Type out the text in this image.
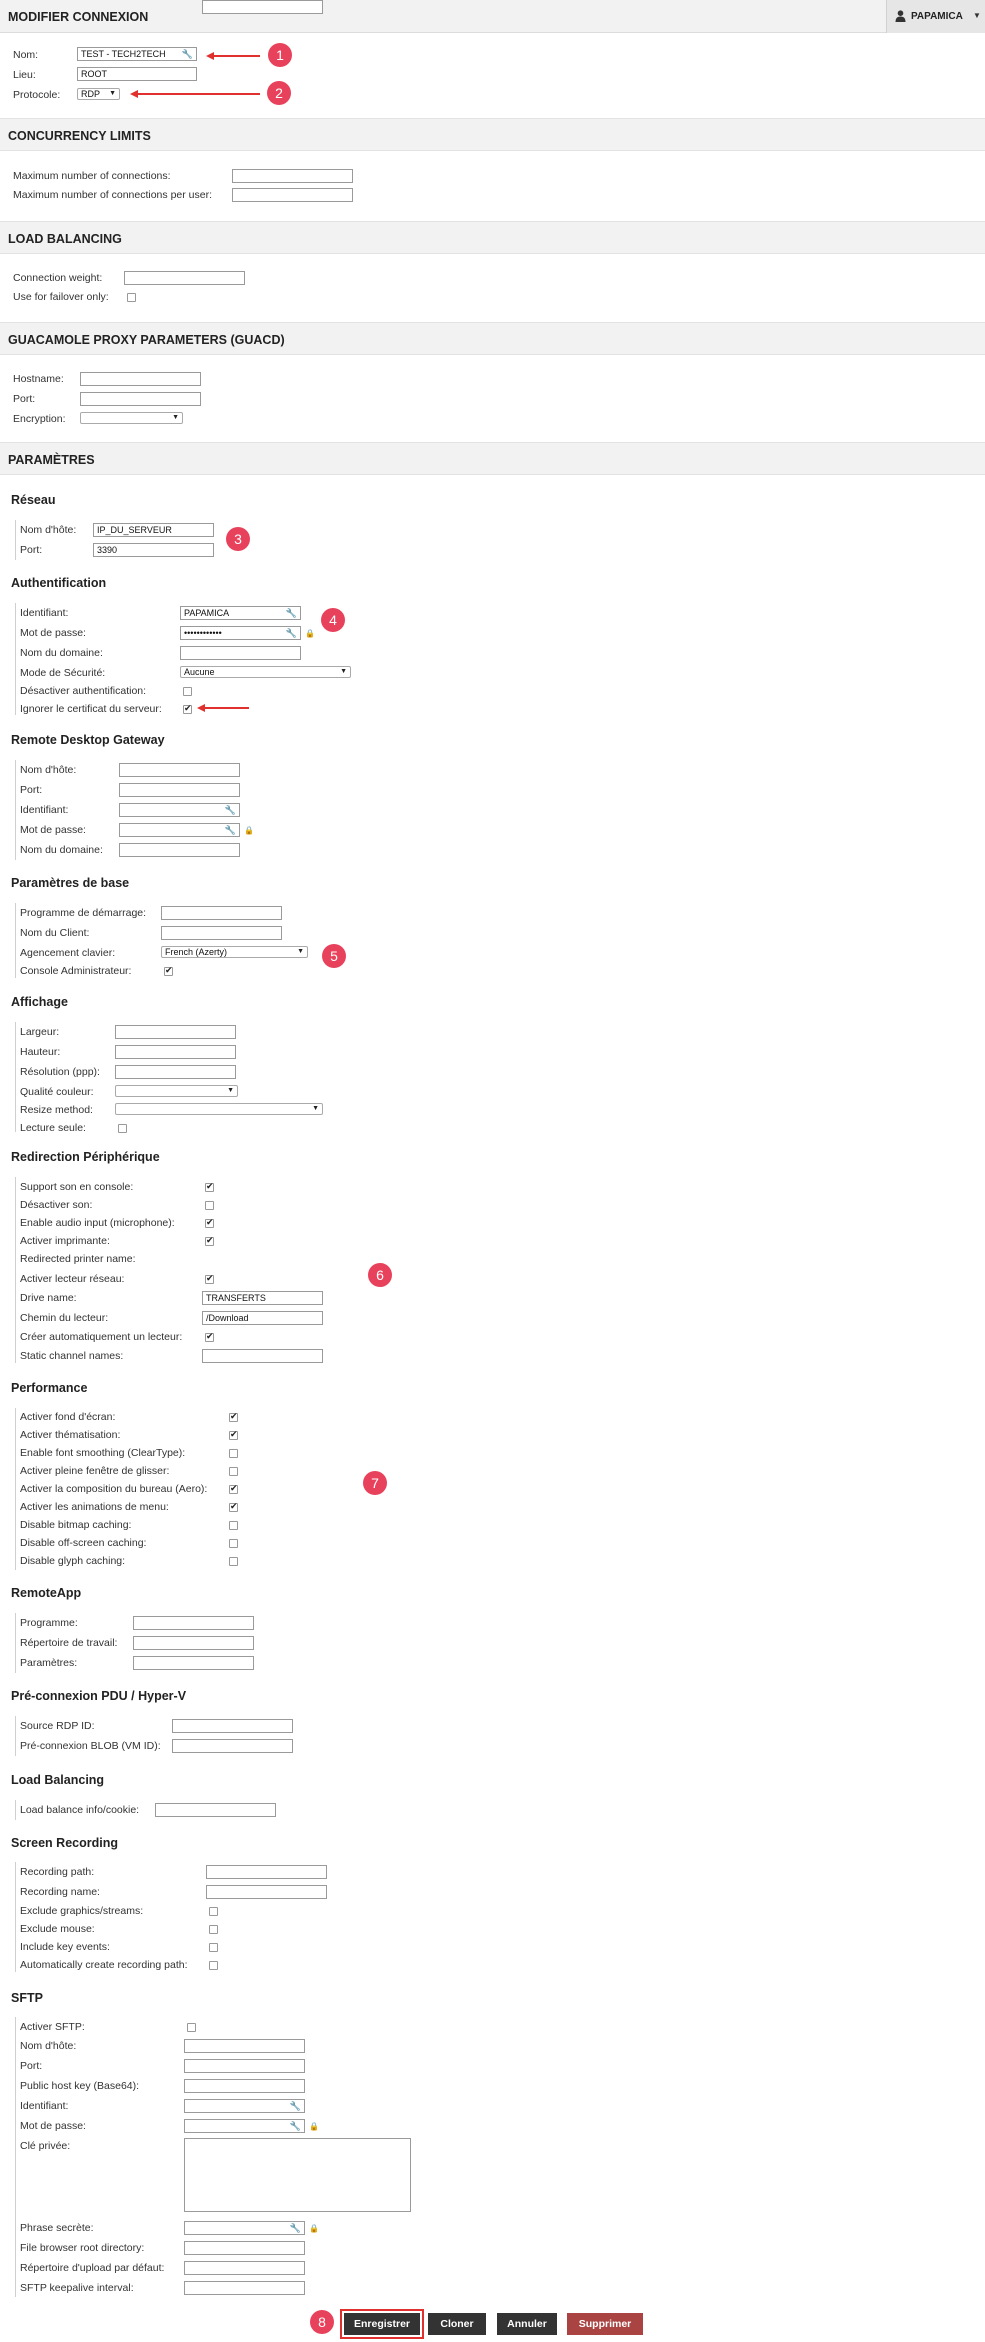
MODIFIER CONNEXION	PAPAMICA ▼
Nom:	TEST - TECH2TECH 🔧
Lieu:	ROOT
Protocole: RDP ▼
CONCURRENCY LIMITS
Maximum number of connections:
Maximum number of connections per user:
LOAD BALANCING
Connection weight:
Use for failover only:
GUACAMOLE PROXY PARAMETERS (GUACD)
Hostname:
Port:
Encryption:	▼
PARAMÈTRES
Réseau
Nom d'hôte: IP_DU_SERVEUR
Port:	3390
Authentification
Identifiant:	PAPAMICA	🔧
Mot de passe:	••••••••••••	🔧 🔒
Nom du domaine:
Mode de Sécurité:	Aucune	▼
Désactiver authentification:
Ignorer le certificat du serveur: ✔
Remote Desktop Gateway
Nom d'hôte:
Port:
Identifiant:	🔧
Mot de passe:	🔧 🔒
Nom du domaine:
Paramètres de base
Programme de démarrage:
Nom du Client:
Agencement clavier:	French (Azerty)	▼
Console Administrateur:	✔
Affichage
Largeur:
Hauteur:
Résolution (ppp):
Qualité couleur:	▼
Resize method:	▼
Lecture seule:
Redirection Périphérique
Support son en console:	✔
Désactiver son:
Enable audio input (microphone):	✔
Activer imprimante:	✔
Redirected printer name:
Activer lecteur réseau:	✔
Drive name:	TRANSFERTS
Chemin du lecteur:	/Download
Créer automatiquement un lecteur:	✔
Static channel names:
Performance
Activer fond d'écran:	✔
Activer thématisation:	✔
Enable font smoothing (ClearType):
Activer pleine fenêtre de glisser:
Activer la composition du bureau (Aero):	✔
Activer les animations de menu:	✔
Disable bitmap caching:
Disable off-screen caching:
Disable glyph caching:
RemoteApp
Programme:
Répertoire de travail:
Paramètres:
Pré-connexion PDU / Hyper-V
Source RDP ID:
Pré-connexion BLOB (VM ID):
Load Balancing
Load balance info/cookie:
Screen Recording
Recording path:
Recording name:
Exclude graphics/streams:
Exclude mouse:
Include key events:
Automatically create recording path:
SFTP
Activer SFTP:
Nom d'hôte:
Port:
Public host key (Base64):
Identifiant:	🔧
Mot de passe:	🔧 🔒
Clé privée:
Phrase secrète:	🔧 🔒
File browser root directory:
Répertoire d'upload par défaut:
SFTP keepalive interval:
Enregistrer	Cloner	Annuler	Supprimer
1
2
3
4
5
6
7
8
